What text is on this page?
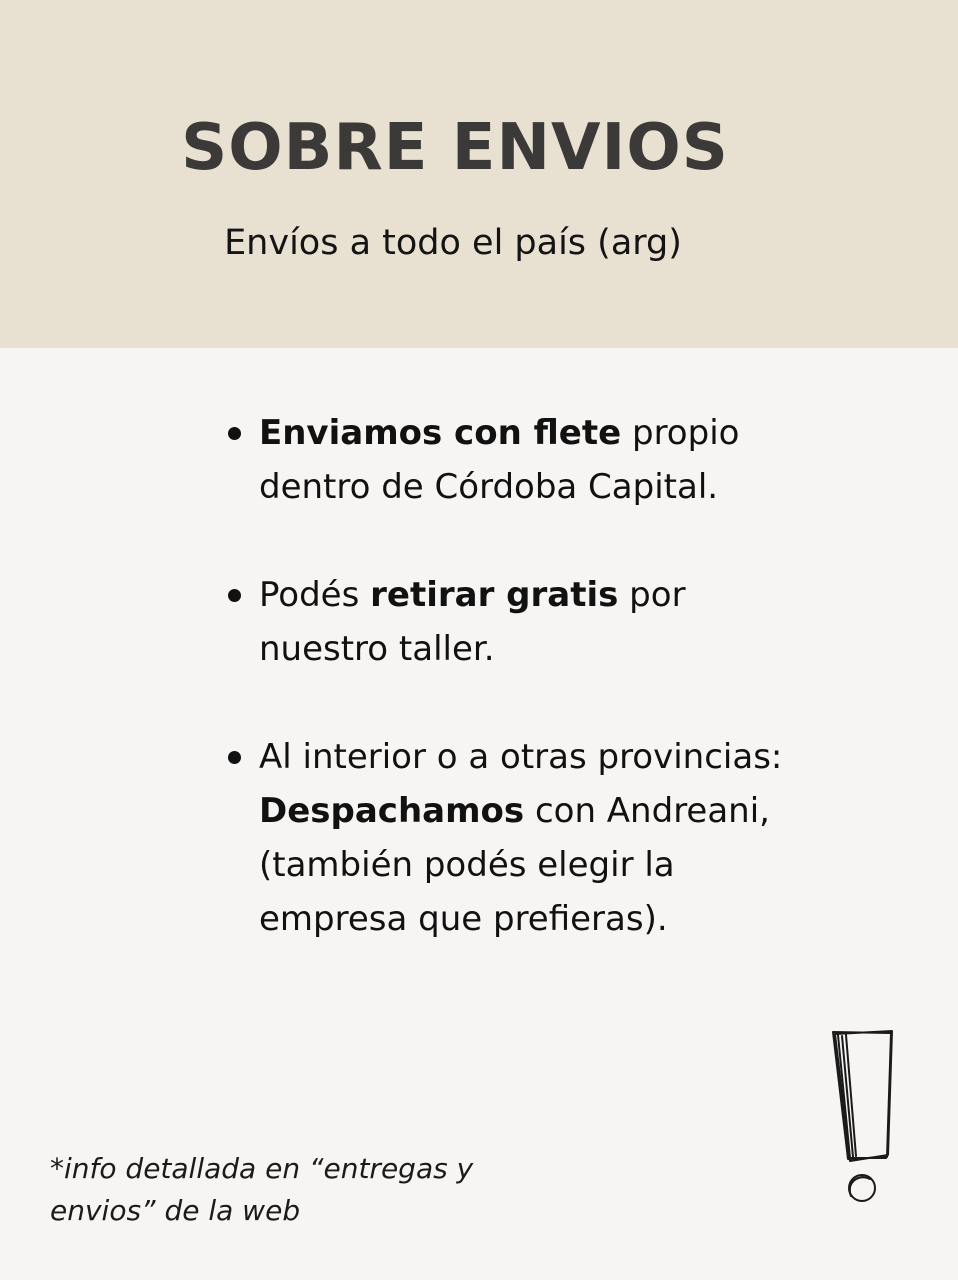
SOBRE ENVIOS
Envíos a todo el país (arg)
Enviamos con flete propio dentro de Córdoba Capital.
Podés retirar gratis por nuestro taller.
Al interior o a otras provincias: Despachamos con Andreani, (también podés elegir la empresa que prefieras).
*info detallada en “entregas y envios” de la web
